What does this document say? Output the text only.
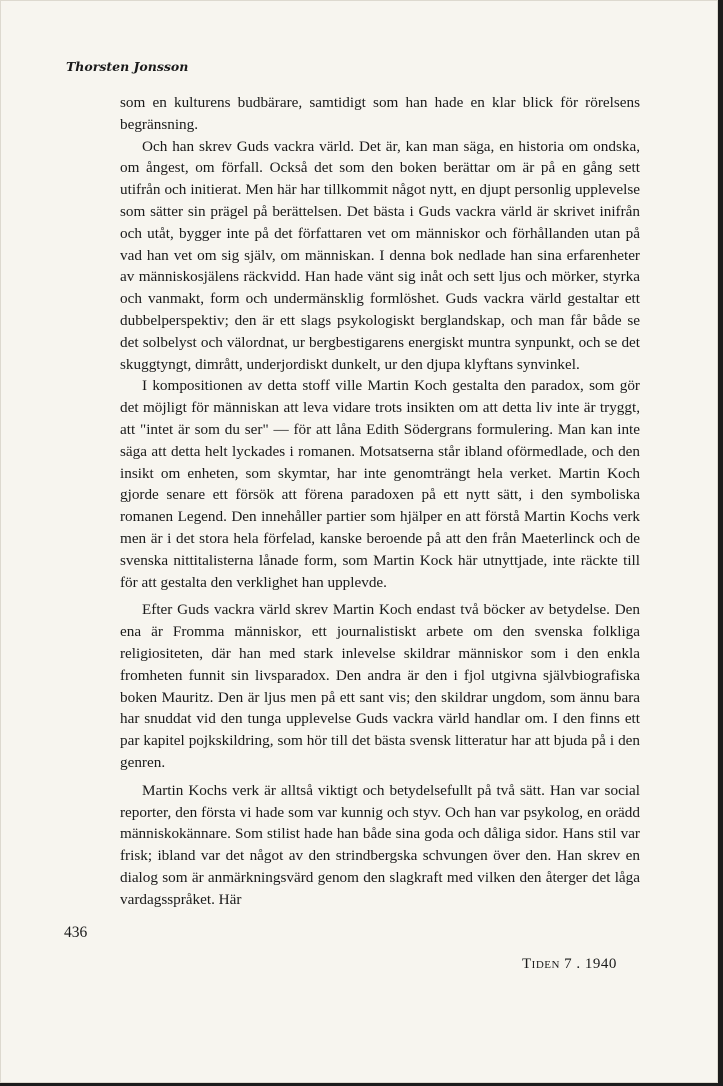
Thorsten Jonsson

som en kulturens budbärare, samtidigt som han hade en klar blick för rörelsens begränsning.

Och han skrev Guds vackra värld. Det är, kan man säga, en historia om ondska, om ångest, om förfall. Också det som den boken berättar om är på en gång sett utifrån och initierat. Men här har tillkommit något nytt, en djupt personlig upplevelse som sätter sin prägel på berättelsen. Det bästa i Guds vackra värld är skrivet inifrån och utåt, bygger inte på det författaren vet om människor och förhållanden utan på vad han vet om sig själv, om människan. I denna bok nedlade han sina erfarenheter av människosjälens räckvidd. Han hade vänt sig inåt och sett ljus och mörker, styrka och vanmakt, form och undermänsklig formlöshet. Guds vackra värld gestaltar ett dubbelperspektiv; den är ett slags psykologiskt berglandskap, och man får både se det solbelyst och välordnat, ur bergbestigarens energiskt muntra synpunkt, och se det skuggtyngt, dimrått, underjordiskt dunkelt, ur den djupa klyftans synvinkel.

I kompositionen av detta stoff ville Martin Koch gestalta den paradox, som gör det möjligt för människan att leva vidare trots insikten om att detta liv inte är tryggt, att "intet är som du ser" — för att låna Edith Södergrans formulering. Man kan inte säga att detta helt lyckades i romanen. Motsatserna står ibland oförmedlade, och den insikt om enheten, som skymtar, har inte genomträngt hela verket. Martin Koch gjorde senare ett försök att förena paradoxen på ett nytt sätt, i den symboliska romanen Legend. Den innehåller partier som hjälper en att förstå Martin Kochs verk men är i det stora hela förfelad, kanske beroende på att den från Maeterlinck och de svenska nittitalisterna lånade form, som Martin Kock här utnyttjade, inte räckte till för att gestalta den verklighet han upplevde.

Efter Guds vackra värld skrev Martin Koch endast två böcker av betydelse. Den ena är Fromma människor, ett journalistiskt arbete om den svenska folkliga religiositeten, där han med stark inlevelse skildrar människor som i den enkla fromheten funnit sin livsparadox. Den andra är den i fjol utgivna självbiografiska boken Mauritz. Den är ljus men på ett sant vis; den skildrar ungdom, som ännu bara har snuddat vid den tunga upplevelse Guds vackra värld handlar om. I den finns ett par kapitel pojkskildring, som hör till det bästa svensk litteratur har att bjuda på i den genren.

Martin Kochs verk är alltså viktigt och betydelsefullt på två sätt. Han var social reporter, den första vi hade som var kunnig och styv. Och han var psykolog, en orädd människokännare. Som stilist hade han både sina goda och dåliga sidor. Hans stil var frisk; ibland var det något av den strindbergska schvungen över den. Han skrev en dialog som är anmärkningsvärd genom den slagkraft med vilken den återger det låga vardagsspråket. Här

436
Tiden 7 . 1940
